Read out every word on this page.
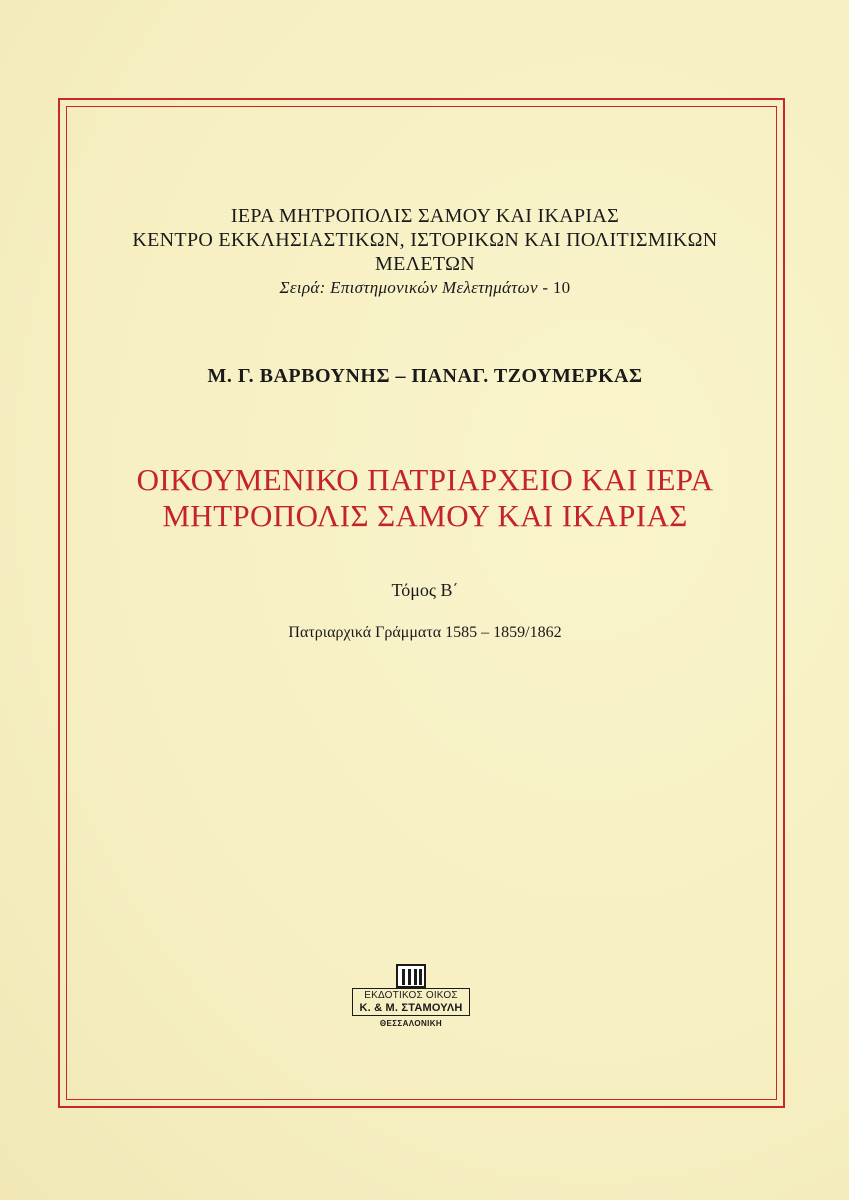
ΙΕΡΑ ΜΗΤΡΟΠΟΛΙΣ ΣΑΜΟΥ ΚΑΙ ΙΚΑΡΙΑΣ
ΚΕΝΤΡΟ ΕΚΚΛΗΣΙΑΣΤΙΚΩΝ, ΙΣΤΟΡΙΚΩΝ ΚΑΙ ΠΟΛΙΤΙΣΜΙΚΩΝ
ΜΕΛΕΤΩΝ
Σειρά: Επιστημονικών Μελετημάτων - 10
Μ. Γ. ΒΑΡΒΟΥΝΗΣ – ΠΑΝΑΓ. ΤΖΟΥΜΕΡΚΑΣ
ΟΙΚΟΥΜΕΝΙΚΟ ΠΑΤΡΙΑΡΧΕΙΟ ΚΑΙ ΙΕΡΑ
ΜΗΤΡΟΠΟΛΙΣ ΣΑΜΟΥ ΚΑΙ ΙΚΑΡΙΑΣ
Τόμος Β΄
Πατριαρχικά Γράμματα 1585 – 1859/1862
ΕΚΔΟΤΙΚΟΣ ΟΙΚΟΣ
Κ. & Μ. ΣΤΑΜΟΥΛΗ
ΘΕΣΣΑΛΟΝΙΚΗ
